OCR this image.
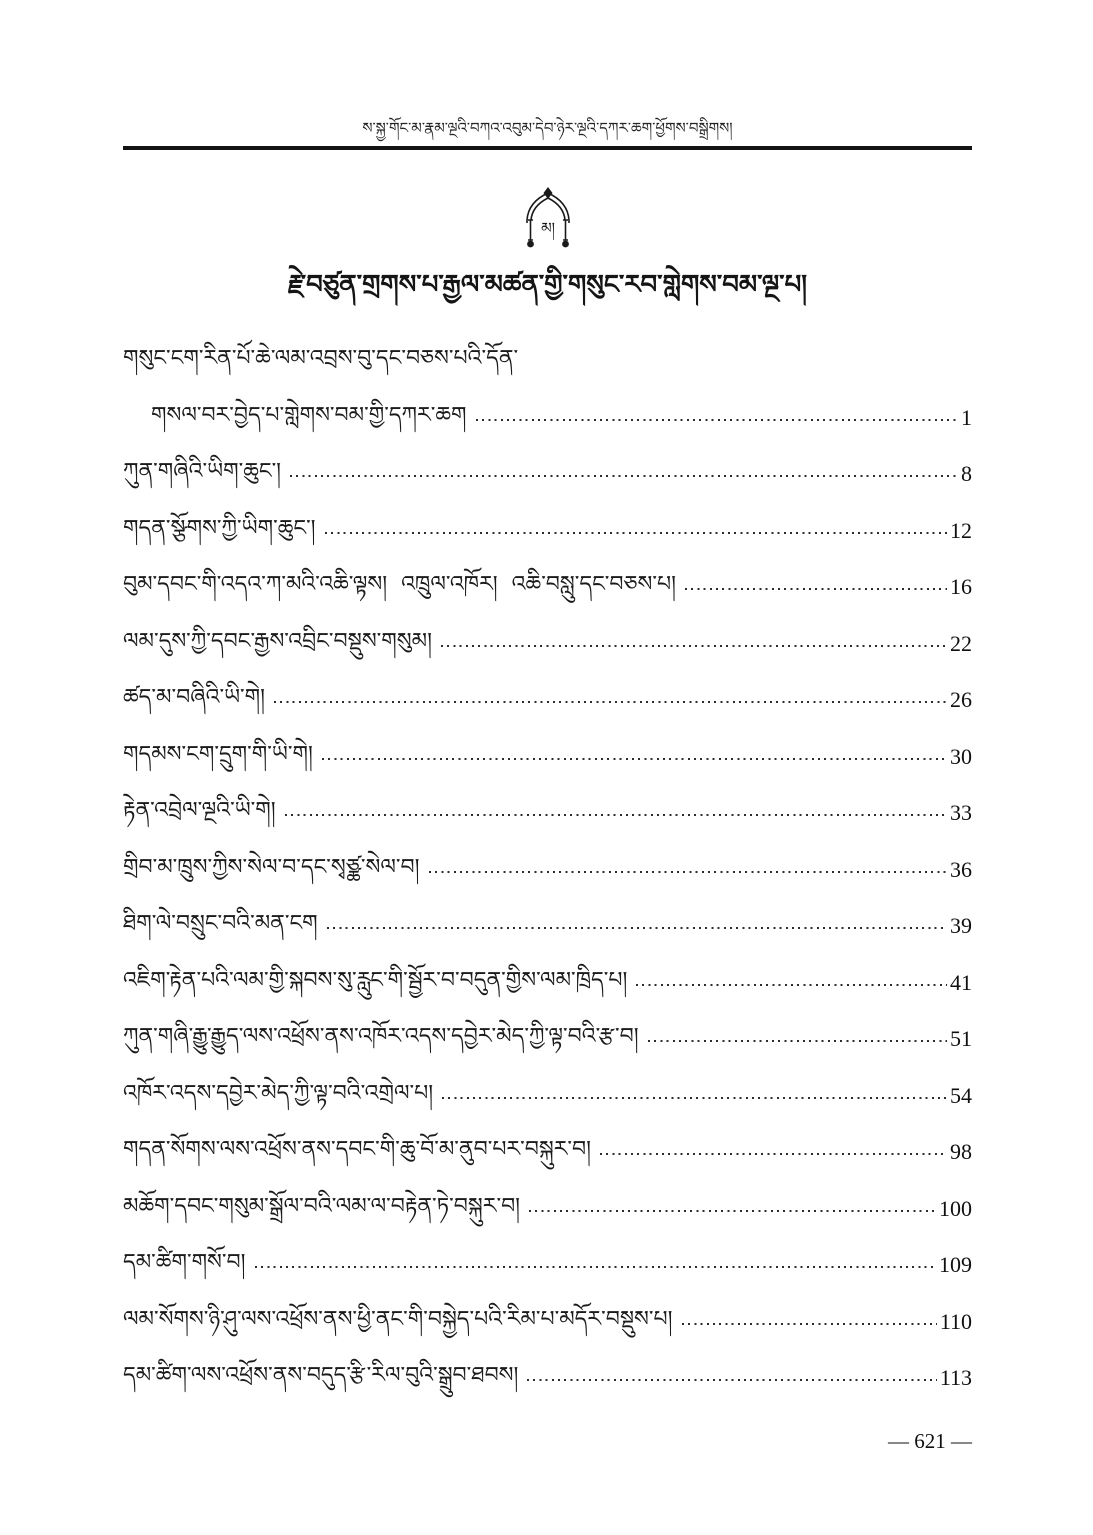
ས་སྐྱ་གོང་མ་རྣམ་ལྔའི་བཀའ་འབུམ་དེབ་ཉེར་ལྔའི་དཀར་ཆག་ཕྱོགས་བསྒྲིགས།
མ།
རྗེ་བཙུན་གྲགས་པ་རྒྱལ་མཚན་གྱི་གསུང་རབ་གླེགས་བམ་ལྔ་པ།
གསུང་ངག་རིན་པོ་ཆེ་ལམ་འབྲས་བུ་དང་བཅས་པའི་དོན་
གསལ་བར་བྱེད་པ་གླེགས་བམ་གྱི་དཀར་ཆག	1
ཀུན་གཞིའི་ཡིག་ཆུང་།	8
གདན་སྩོགས་ཀྱི་ཡིག་ཆུང་།	12
བུམ་དབང་གི་འདའ་ཀ་མའི་འཆི་ལྟས།  འཁྲུལ་འཁོར།  འཆི་བསླུ་དང་བཅས་པ།	16
ལམ་དུས་ཀྱི་དབང་རྒྱས་འབྲིང་བསྡུས་གསུམ།	22
ཚད་མ་བཞིའི་ཡི་གེ།	26
གདམས་ངག་དྲུག་གི་ཡི་གེ།	30
རྟེན་འབྲེལ་ལྔའི་ཡི་གེ།	33
གྲིབ་མ་ཁྲུས་ཀྱིས་སེལ་བ་དང་སྭཙྪ་སེལ་བ།	36
ཐིག་ལེ་བསྲུང་བའི་མན་ངག	39
འཇིག་རྟེན་པའི་ལམ་གྱི་སྐབས་སུ་རླུང་གི་སྦྱོར་བ་བདུན་གྱིས་ལམ་ཁྲིད་པ།	41
ཀུན་གཞི་རྒྱུ་རྒྱུད་ལས་འཕྲོས་ནས་འཁོར་འདས་དབྱེར་མེད་ཀྱི་ལྟ་བའི་རྩ་བ།	51
འཁོར་འདས་དབྱེར་མེད་ཀྱི་ལྟ་བའི་འགྲེལ་པ།	54
གདན་སོགས་ལས་འཕྲོས་ནས་དབང་གི་ཆུ་བོ་མ་ནུབ་པར་བསྐུར་བ།	98
མཆོག་དབང་གསུམ་སྒྲོལ་བའི་ལམ་ལ་བརྟེན་ཏེ་བསྐུར་བ།	100
དམ་ཚིག་གསོ་བ།	109
ལམ་སོགས་ཉི་ཤུ་ལས་འཕྲོས་ནས་ཕྱི་ནང་གི་བསྐྱེད་པའི་རིམ་པ་མདོར་བསྡུས་པ།	110
དམ་ཚིག་ལས་འཕྲོས་ནས་བདུད་རྩི་རིལ་བུའི་སྒྲུབ་ཐབས།	113
— 621 —
